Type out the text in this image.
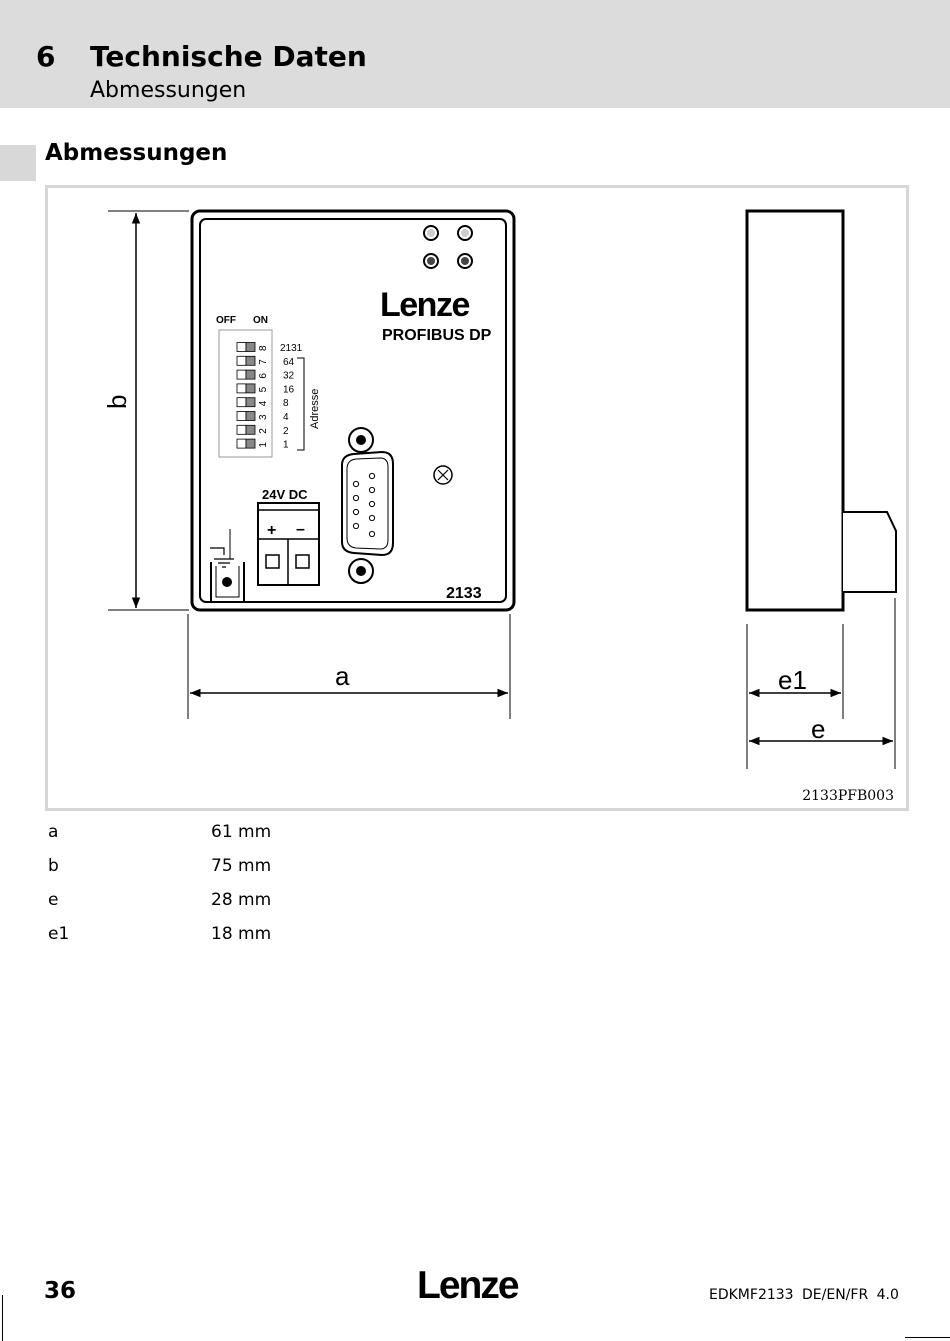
6 Technische Daten
Abmessungen
Abmessungen
Lenze
PROFIBUS DP
OFF ON
8 2131
7 64
6 32
5 16
4 8
3 4
2 2
1 1
Adresse
24V DC
+ –
2133
b
a	e1
e
2133PFB003
a	61 mm
b	75 mm
e	28 mm
e1	18 mm
36	Lenze	EDKMF2133 DE/EN/FR 4.0
